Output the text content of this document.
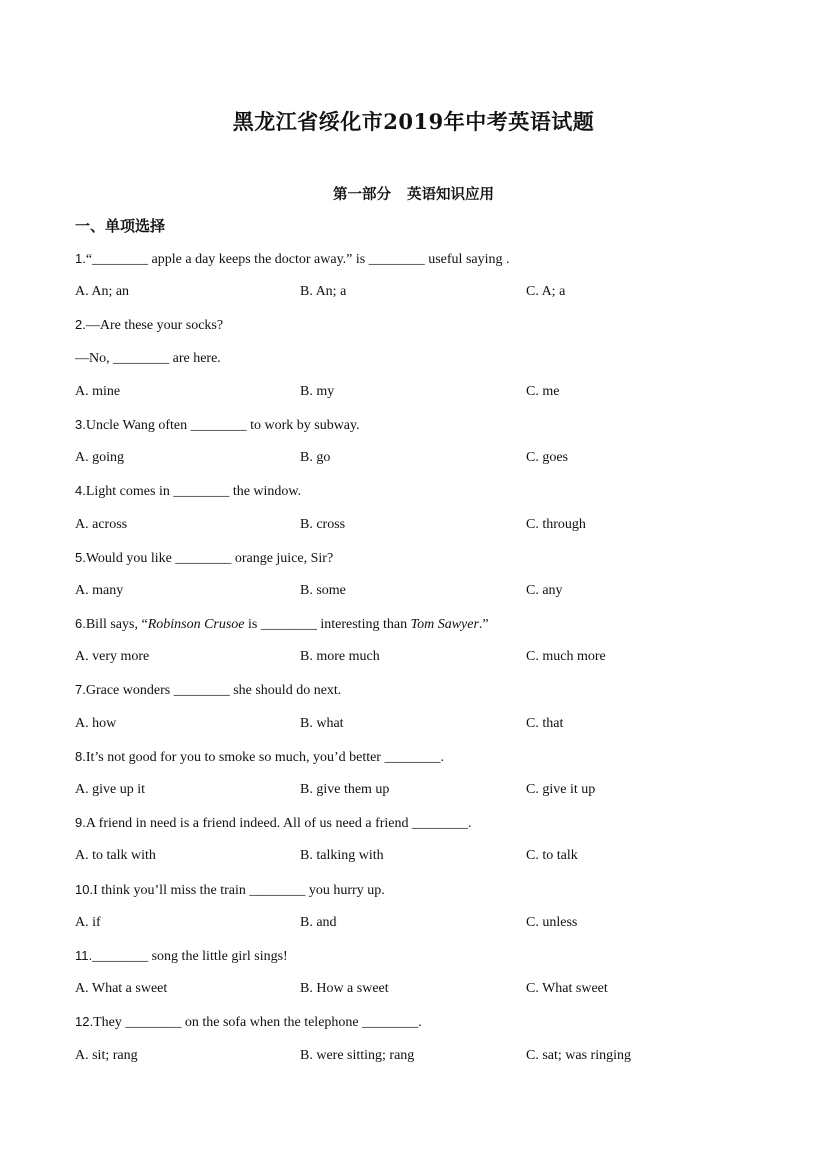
黑龙江省绥化市2019年中考英语试题
第一部分 英语知识应用
一、单项选择
1.“________ apple a day keeps the doctor away.” is ________ useful saying .
A. An; an	B. An; a	C. A; a
2.—Are these your socks?
—No, ________ are here.
A. mine	B. my	C. me
3.Uncle Wang often ________ to work by subway.
A. going	B. go	C. goes
4.Light comes in ________ the window.
A. across	B. cross	C. through
5.Would you like ________ orange juice, Sir?
A. many	B. some	C. any
6.Bill says, “Robinson Crusoe is ________ interesting than Tom Sawyer.”
A. very more	B. more much	C. much more
7.Grace wonders ________ she should do next.
A. how	B. what	C. that
8.It’s not good for you to smoke so much, you’d better ________.
A. give up it	B. give them up	C. give it up
9.A friend in need is a friend indeed. All of us need a friend ________.
A. to talk with	B. talking with	C. to talk
10.I think you’ll miss the train ________ you hurry up.
A. if	B. and	C. unless
11.________ song the little girl sings!
A. What a sweet	B. How a sweet	C. What sweet
12.They ________ on the sofa when the telephone ________.
A. sit; rang	B. were sitting; rang	C. sat; was ringing
